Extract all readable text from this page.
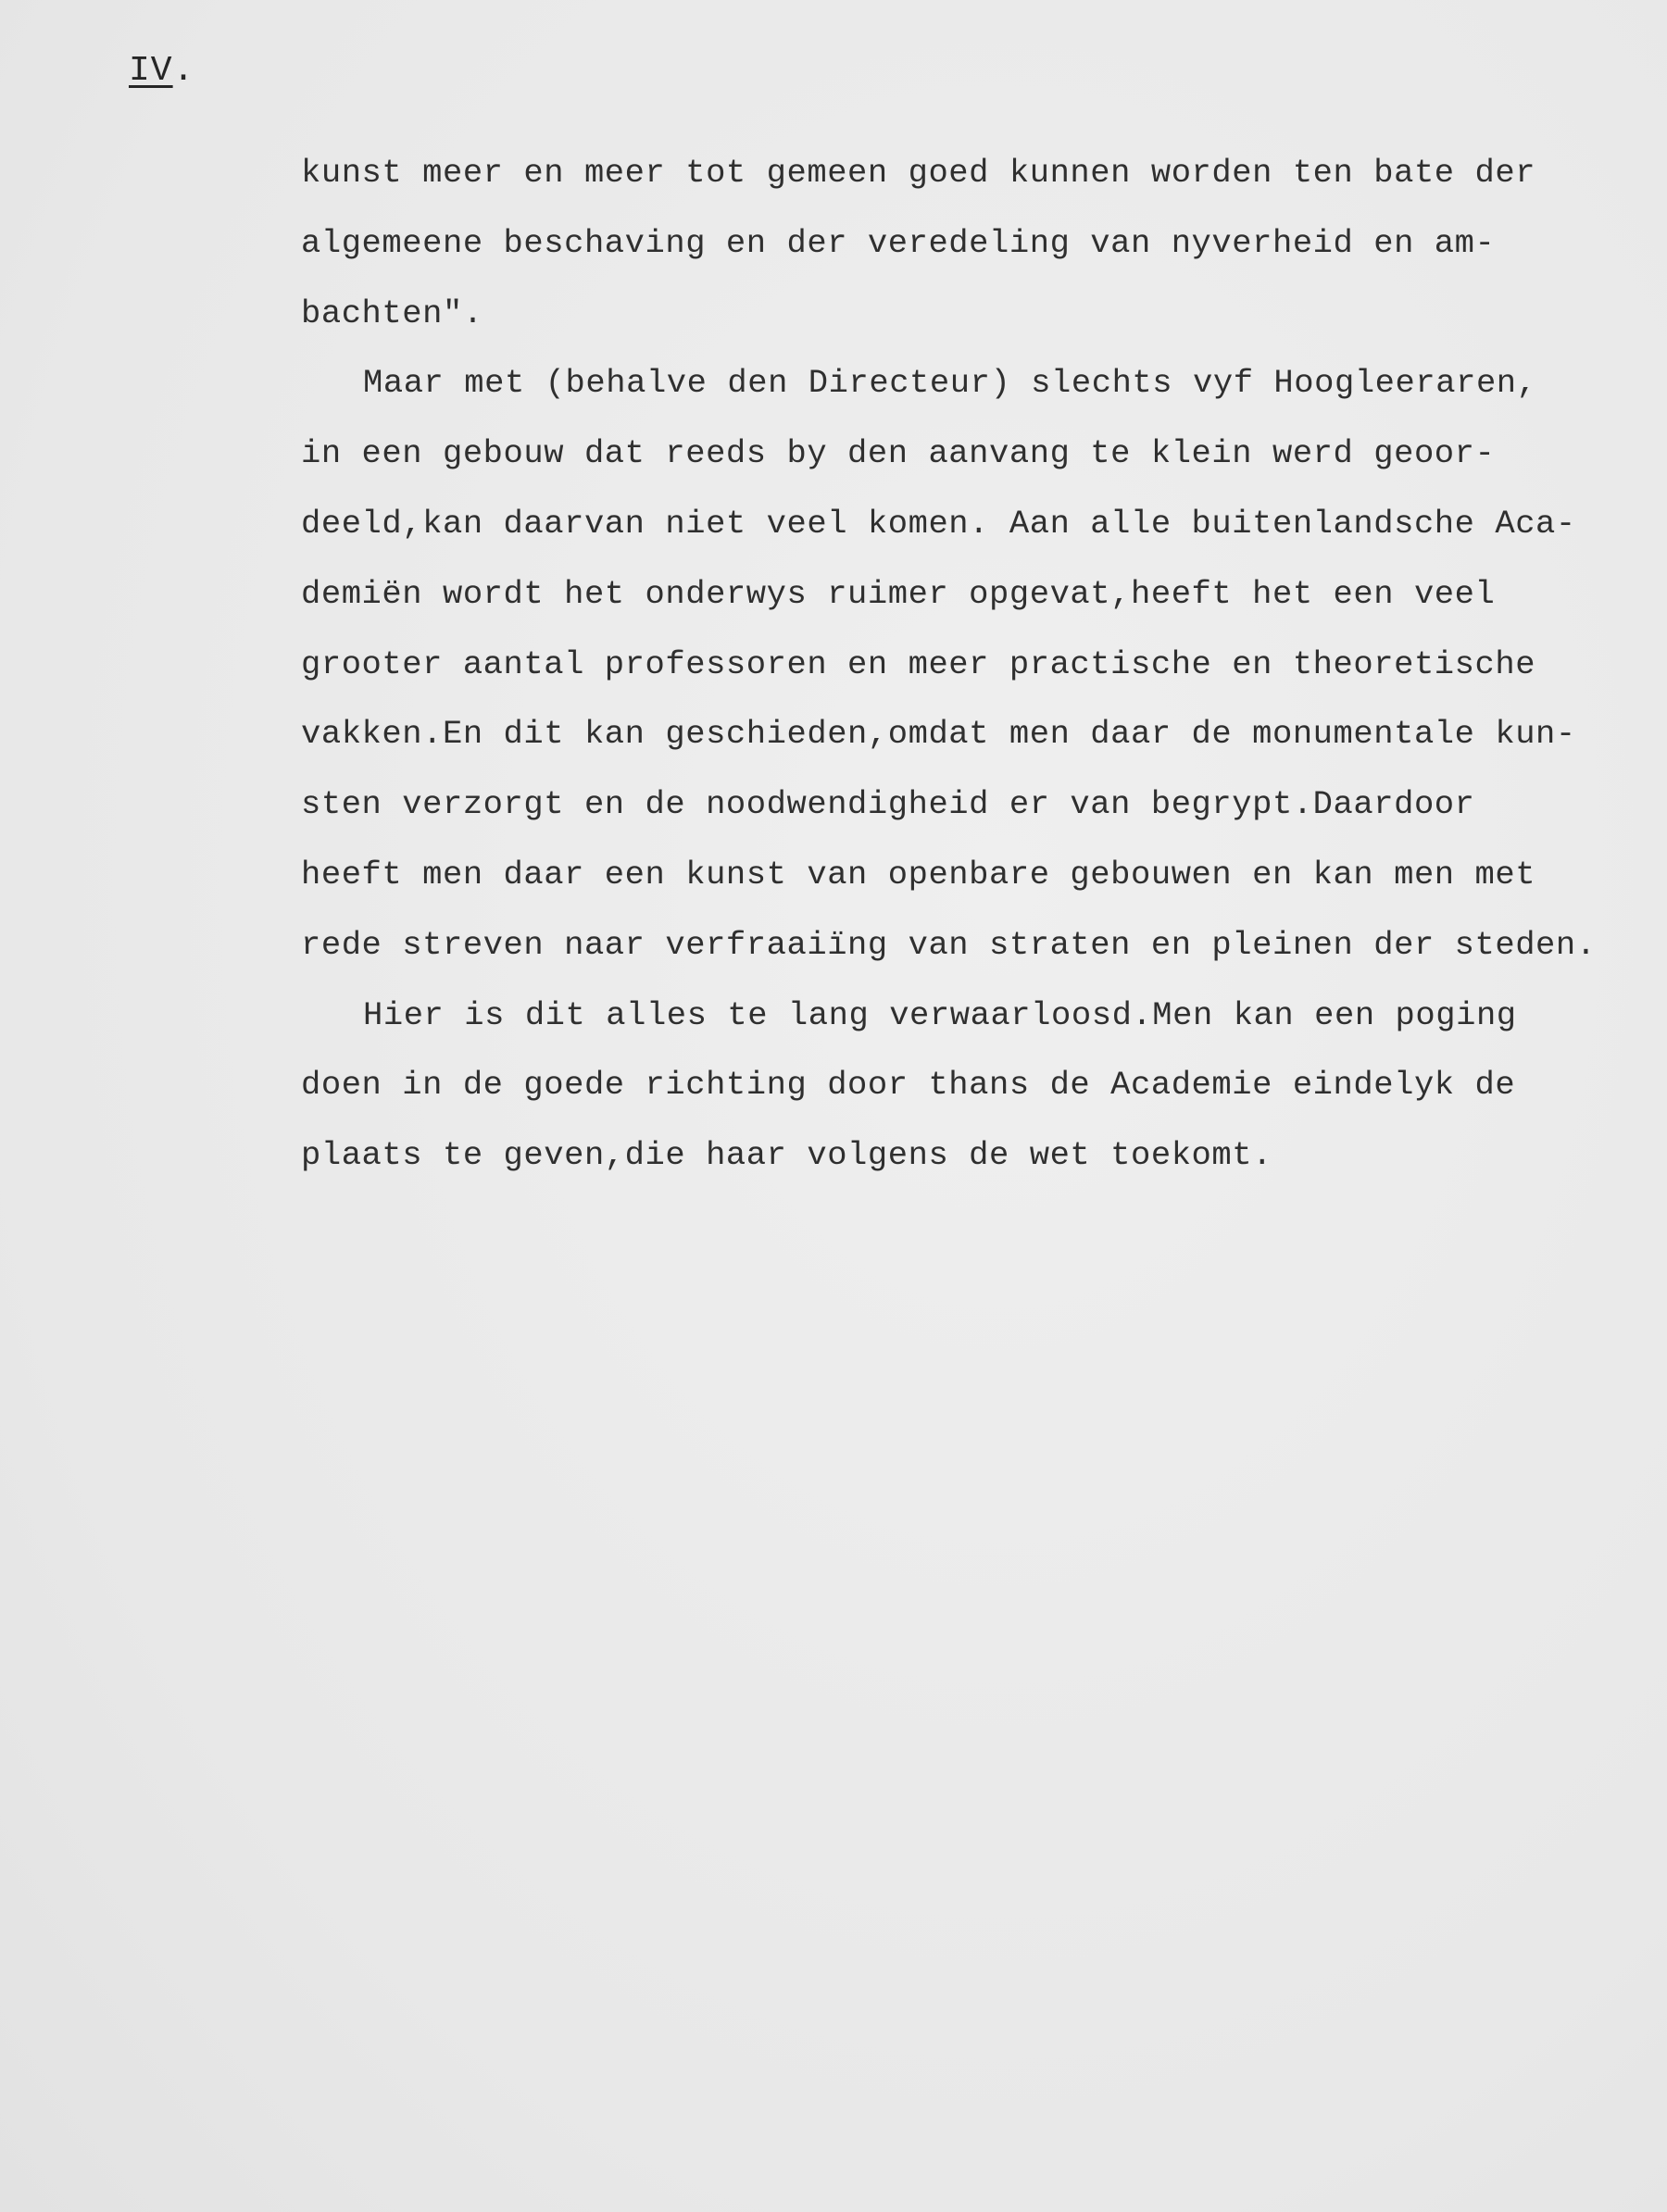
IV.
kunst meer en meer tot gemeen goed kunnen worden ten bate der
algemeene beschaving en der veredeling van nyverheid en am-
bachten".
Maar met (behalve den Directeur) slechts vyf Hoogleeraren,
in een gebouw dat reeds by den aanvang te klein werd geoor-
deeld,kan daarvan niet veel komen. Aan alle buitenlandsche Aca-
demiën wordt het onderwys ruimer opgevat,heeft het een veel
grooter aantal professoren en meer practische en theoretische
vakken.En dit kan geschieden,omdat men daar de monumentale kun-
sten verzorgt en de noodwendigheid er van begrypt.Daardoor
heeft men daar een kunst van openbare gebouwen en kan men met
rede streven naar verfraaiïng van straten en pleinen der steden.
Hier is dit alles te lang verwaarloosd.Men kan een poging
doen in de goede richting door thans de Academie eindelyk de
plaats te geven,die haar volgens de wet toekomt.
